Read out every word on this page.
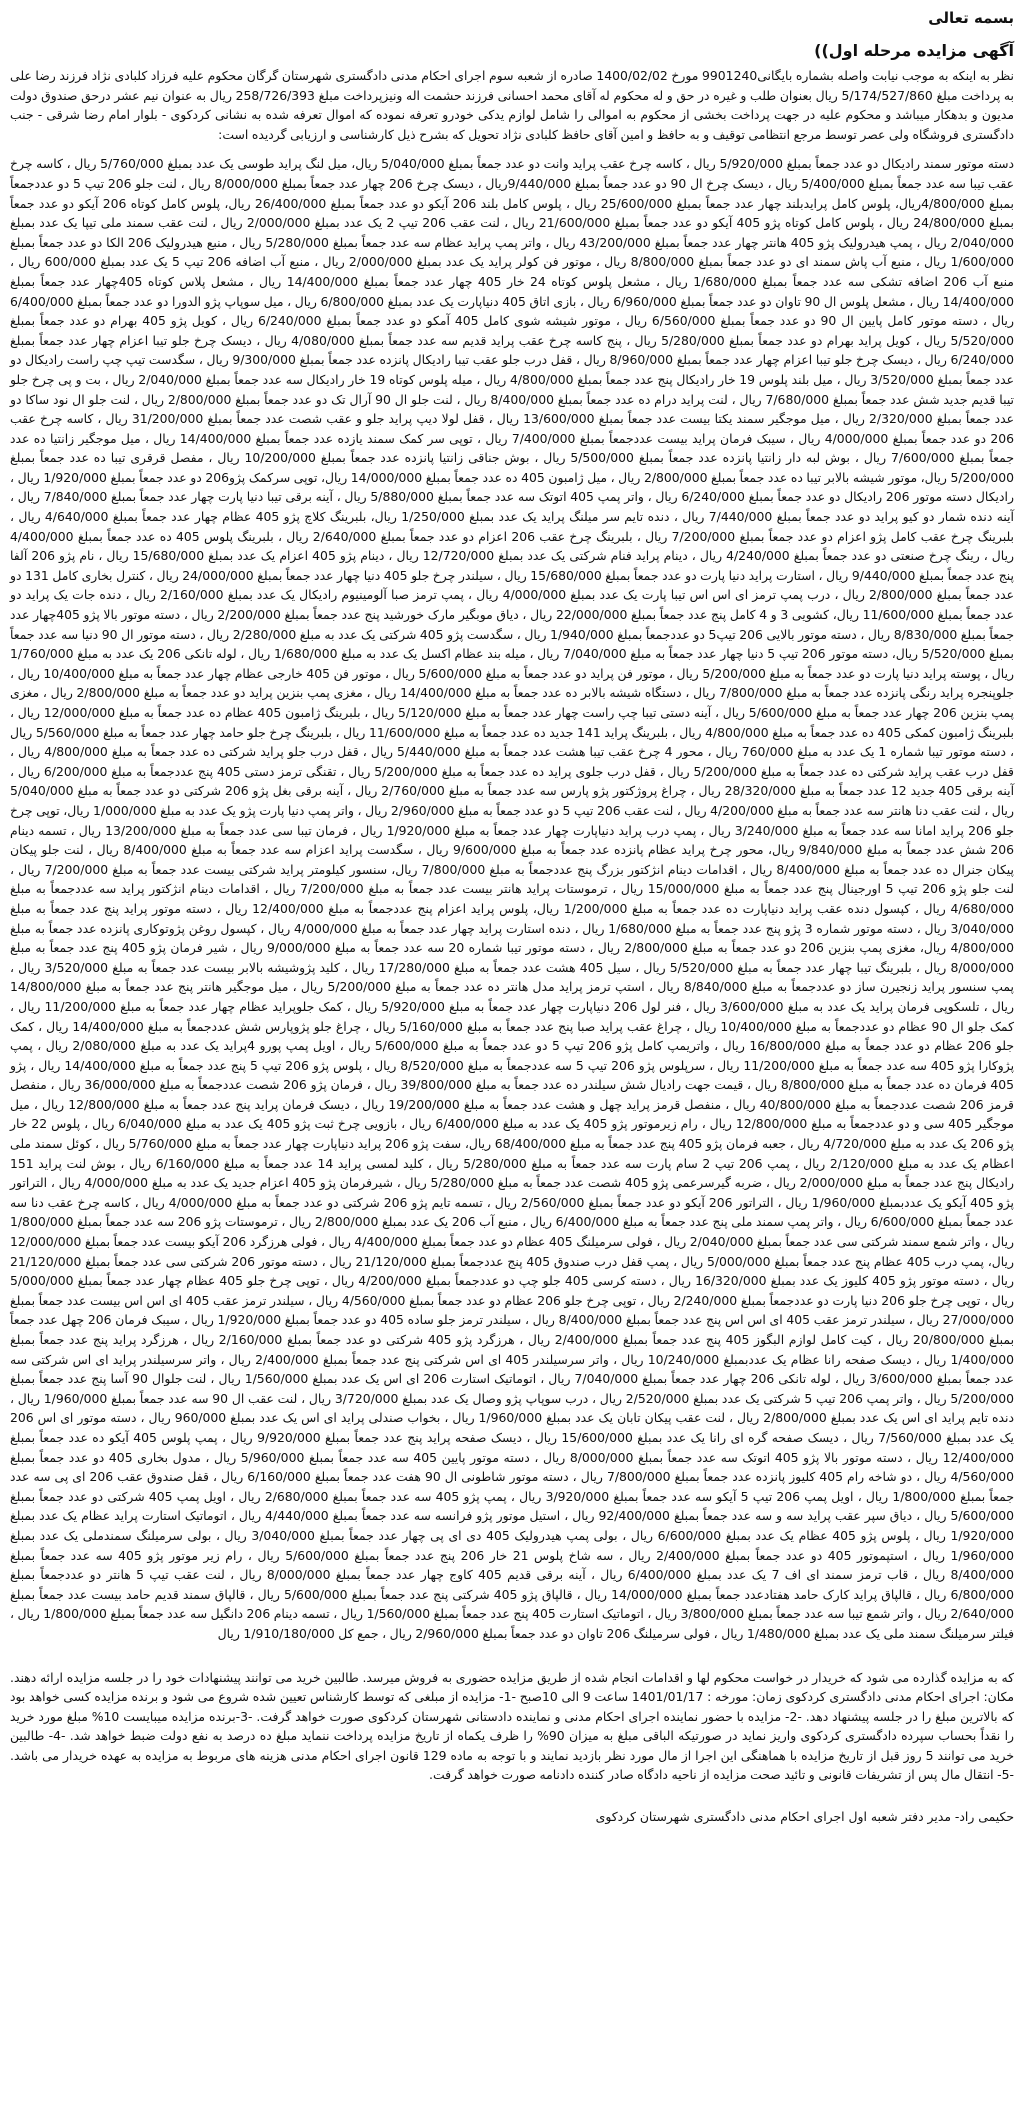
بسمه تعالی

آگهی مزایده مرحله اول))

نظر به اینکه به موجب نیابت واصله بشماره بایگانی9901240 مورخ 1400/02/02 صادره از شعبه سوم اجرای احکام مدنی دادگستری شهرستان گرگان محکوم علیه فرزاد کلبادی نژاد فرزند رضا علی به پرداخت مبلغ 5/174/527/860 ریال بعنوان طلب و غیره در حق و له محکوم له آقای محمد احسانی فرزند حشمت اله ونیزپرداخت مبلغ 258/726/393 ریال به عنوان نیم عشر درحق صندوق دولت مدیون و بدهکار میباشد و محکوم علیه در جهت پرداخت بخشی از محکوم به اموالی را شامل لوازم یدکی خودرو تعرفه نموده که اموال تعرفه شده به نشانی کردکوی - بلوار امام رضا شرقی - جنب دادگستری فروشگاه ولی عصر توسط مرجع انتظامی توقیف و به حافظ و امین آقای حافظ کلبادی نژاد تحویل که بشرح ذیل کارشناسی و ارزیابی گردیده است:

دسته موتور سمند رادیکال دو عدد جمعاً بمبلغ 5/920/000 ریال ، کاسه چرخ عقب پراید وانت دو عدد جمعاً بمبلغ 5/040/000 ریال، میل لنگ پراید طوسی یک عدد بمبلغ 5/760/000 ریال ، کاسه چرخ عقب تیبا سه عدد جمعاً بمبلغ 5/400/000 ریال ، دیسک چرخ ال 90 دو عدد جمعاً بمبلغ 9/440/000ریال ، دیسک چرخ 206 چهار عدد جمعاً بمبلغ 8/000/000 ریال ، لنت جلو 206 تیپ 5 دو عددجمعاً بمبلغ 4/800/000ریال، پلوس کامل پرایدبلند چهار عدد جمعاً بمبلغ 25/600/000 ریال ، پلوس کامل بلند 206 آیکو دو عدد جمعاً بمبلغ 26/400/000 ریال، پلوس کامل کوتاه 206 آیکو دو عدد جمعاً بمبلغ 24/800/000 ریال ، پلوس کامل کوتاه پژو 405 آیکو دو عدد جمعاً بمبلغ 21/600/000 ریال ، لنت عقب 206 تیپ 2 یک عدد بمبلغ 2/000/000 ریال ، لنت عقب سمند ملی تیپا یک عدد بمبلغ 2/040/000 ریال ، پمپ هیدرولیک پژو 405 هانتر چهار عدد جمعاً بمبلغ 43/200/000 ریال ، واتر پمپ پراید عظام سه عدد جمعاً بمبلغ 5/280/000 ریال ، منبع هیدرولیک 206 الکا دو عدد جمعاً بمبلغ 1/600/000 ریال ، منبع آب پاش سمند ای دو عدد جمعاً بمبلغ 8/800/000 ریال ، موتور فن کولر پراید یک عدد بمبلغ 2/000/000 ریال ، منبع آب اضافه 206 تیپ 5 یک عدد بمبلغ 600/000 ریال ، منبع آب 206 اضافه تشکی سه عدد جمعاً بمبلغ 1/680/000 ریال ، مشعل پلوس کوتاه 24 خار 405 چهار عدد جمعاً بمبلغ 14/400/000 ریال ، مشعل پلاس کوتاه 405چهار عدد جمعاً بمبلغ 14/400/000 ریال ، مشعل پلوس ال 90 تاوان دو عدد جمعاً بمبلغ 6/960/000 ریال ، بازی اتاق 405 دنیاپارت یک عدد بمبلغ 6/800/000 ریال ، میل سوپاپ پژو الدورا دو عدد جمعاً بمبلغ 6/400/000 ریال ، دسته موتور کامل پایین ال 90 دو عدد جمعاً بمبلغ 6/560/000 ریال ، موتور شیشه شوی کامل 405 آمکو دو عدد جمعاً بمبلغ 6/240/000 ریال ، کویل پژو 405 بهرام دو عدد جمعاً بمبلغ 5/520/000 ریال ، کویل پراید بهرام دو عدد جمعاً بمبلغ 5/280/000 ریال ، پنج کاسه چرخ عقب پراید قدیم سه عدد جمعاً بمبلغ 4/080/000 ریال ، دیسک چرخ جلو تیبا اعزام چهار عدد جمعاً بمبلغ 6/240/000 ریال ، دیسک چرخ جلو تیبا اعزام چهار عدد جمعاً بمبلغ 8/960/000 ریال ، قفل درب جلو عقب تیبا رادیکال پانزده عدد جمعاً بمبلغ 9/300/000 ریال ، سگدست تیپ چپ راست رادیکال دو عدد جمعاً بمبلغ 3/520/000 ریال ، میل بلند پلوس 19 خار رادیکال پنج عدد جمعاً بمبلغ 4/800/000 ریال ، میله پلوس کوتاه 19 خار رادیکال سه عدد جمعاً بمبلغ 2/040/000 ریال ، بت و پی چرخ جلو تیبا قدیم جدید شش عدد جمعاً بمبلغ 7/680/000 ریال ، لنت پراید درام ده عدد جمعاً بمبلغ 8/400/000 ریال ، لنت جلو ال 90 آرال تک دو عدد جمعاً بمبلغ 2/800/000 ریال ، لنت جلو ال نود ساکا دو عدد جمعاً بمبلغ 2/320/000 ریال ، میل موجگیر سمند یکتا بیست عدد جمعاً بمبلغ 13/600/000 ریال ، قفل لولا دیپ پراید جلو و عقب شصت عدد جمعاً بمبلغ 31/200/000 ریال ، کاسه چرخ عقب 206 دو عدد جمعاً بمبلغ 4/000/000 ریال ، سیبک فرمان پراید بیست عددجمعاً بمبلغ 7/400/000 ریال ، توپی سر کمک سمند یازده عدد جمعاً بمبلغ 14/400/000 ریال ، میل موجگیر زانتیا ده عدد جمعاً بمبلغ 7/600/000 ریال ، بوش لبه دار زانتیا پانزده عدد جمعاً بمبلغ 5/500/000 ریال ، بوش جناقی زانتیا پانزده عدد جمعاً بمبلغ 10/200/000 ریال ، مفصل قرقری تیبا ده عدد جمعاً بمبلغ 5/200/000 ریال، موتور شیشه بالابر تیبا ده عدد جمعاً بمبلغ 2/800/000 ریال ، میل ژامبون 405 ده عدد جمعاً بمبلغ 14/000/000 ریال، توپی سرکمک پژو206 دو عدد جمعاً بمبلغ 1/920/000 ریال ، رادیکال دسته موتور 206 رادیکال دو عدد جمعاً بمبلغ 6/240/000 ریال ، واتر پمپ 405 اتوتک سه عدد جمعاً بمبلغ 5/880/000 ریال ، آینه برقی تیبا دنیا پارت چهار عدد جمعاً بمبلغ 7/840/000 ریال ، آینه دنده شمار دو کیو پراید دو عدد جمعاً بمبلغ 7/440/000 ریال ، دنده تایم سر میلنگ پراید یک عدد بمبلغ 1/250/000 ریال، بلبرینگ کلاچ پژو 405 عظام چهار عدد جمعاً بمبلغ 4/640/000 ریال ، بلبرینگ چرخ عقب کامل پژو اعزام دو عدد جمعاً بمبلغ 7/200/000 ریال ، بلبرینگ چرخ عقب 206 اعزام دو عدد جمعاً بمبلغ 2/640/000 ریال ، بلبرینگ پلوس 405 ده عدد جمعاً بمبلغ 4/400/000 ریال ، رینگ چرخ صنعتی دو عدد جمعاً بمبلغ 4/240/000 ریال ، دینام پراید فنام شرکتی یک عدد بمبلغ 12/720/000 ریال ، دینام پژو 405 اعزام یک عدد بمبلغ 15/680/000 ریال ، نام پژو 206 آلفا پنج عدد جمعاً بمبلغ 9/440/000 ریال ، استارت پراید دنیا پارت دو عدد جمعاً بمبلغ 15/680/000 ریال ، سیلندر چرخ جلو 405 دنیا چهار عدد جمعاً بمبلغ 24/000/000 ریال ، کنترل بخاری کامل 131 دو عدد جمعاً بمبلغ 2/800/000 ریال ، درب پمپ ترمز ای اس اس تیبا پارت یک عدد بمبلغ 4/000/000 ریال ، پمپ ترمز صبا آلومینیوم رادیکال یک عدد بمبلغ 2/160/000 ریال ، دنده جات یک پراید دو عدد جمعاً بمبلغ 11/600/000 ریال، کشویی 3 و 4 کامل پنج عدد جمعاً بمبلغ 22/000/000 ریال ، دیاق موبگیر مارک خورشید پنج عدد جمعاً بمبلغ 2/200/000 ریال ، دسته موتور بالا پژو 405چهار عدد جمعاً بمبلغ 8/830/000 ریال ، دسته موتور بالایی 206 تیپ5 دو عددجمعاً بمبلغ 1/940/000 ریال ، سگدست پژو 405 شرکتی یک عدد به مبلغ 2/280/000 ریال ، دسته موتور ال 90 دنیا سه عدد جمعاً بمبلغ 5/520/000 ریال، دسته موتور 206 تیپ 5 دنیا چهار عدد جمعاً به مبلغ 7/040/000 ریال ، میله بند عظام اکسل یک عدد به مبلغ 1/680/000 ریال ، لوله تانکی 206 یک عدد به مبلغ 1/760/000 ریال ، پوسته پراید دنیا پارت دو عدد جمعاً به مبلغ 5/200/000 ریال ، موتور فن پراید دو عدد جمعاً به مبلغ 5/600/000 ریال ، موتور فن 405 خارجی عظام چهار عدد جمعاً به مبلغ 10/400/000 ریال ، جلوپنجره پراید رنگی پانزده عدد جمعاً به مبلغ 7/800/000 ریال ، دستگاه شیشه بالابر ده عدد جمعاً به مبلغ 14/400/000 ریال ، مغزی پمپ بنزین پراید دو عدد جمعاً به مبلغ 2/800/000 ریال ، مغزی پمپ بنزین 206 چهار عدد جمعاً به مبلغ 5/600/000 ریال ، آینه دستی تیبا چپ راست چهار عدد جمعاً به مبلغ 5/120/000 ریال ، بلبرینگ ژامبون 405 عظام ده عدد جمعاً به مبلغ 12/000/000 ریال ، بلبرینگ ژامبون کمکی 405 ده عدد جمعاً به مبلغ 4/800/000 ریال ، بلبرینگ پراید 141 جدید ده عدد جمعاً به مبلغ 11/600/000 ریال ، بلبرینگ چرخ جلو حامد چهار عدد جمعاً به مبلغ 5/560/000 ریال ، دسته موتور تیبا شماره 1 یک عدد به مبلغ 760/000 ریال ، محور 4 چرخ عقب تیبا هشت عدد جمعاً به مبلغ 5/440/000 ریال ، قفل درب جلو پراید شرکتی ده عدد جمعاً به مبلغ 4/800/000 ریال ، قفل درب عقب پراید شرکتی ده عدد جمعاً به مبلغ 5/200/000 ریال ، قفل درب جلوی پراید ده عدد جمعاً به مبلغ 5/200/000 ریال ، تقنگی ترمز دستی 405 پنج عددجمعاً به مبلغ 6/200/000 ریال ، آینه برقی 405 جدید 12 عدد جمعاً به مبلغ 28/320/000 ریال ، چراغ پروژکتور پژو پارس سه عدد جمعاً به مبلغ 2/760/000 ریال ، آینه برقی بغل پژو 206 شرکتی دو عدد جمعاً به مبلغ 5/040/000 ریال ، لنت عقب دنا هانتر سه عدد جمعاً به مبلغ 4/200/000 ریال ، لنت عقب 206 تیپ 5 دو عدد جمعاً به مبلغ 2/960/000 ریال ، واتر پمپ دنیا پارت پژو یک عدد به مبلغ 1/000/000 ریال، توپی چرخ جلو 206 پراید امانا سه عدد جمعاً به مبلغ 3/240/000 ریال ، پمپ درب پراید دنیاپارت چهار عدد جمعاً به مبلغ 1/920/000 ریال ، فرمان تیبا سی عدد جمعاً به مبلغ 13/200/000 ریال ، تسمه دینام 206 شش عدد جمعاً به مبلغ 9/840/000 ریال، محور چرخ پراید عظام پانزده عدد جمعاً به مبلغ 9/600/000 ریال ، سگدست پراید اعزام سه عدد جمعاً به مبلغ 8/400/000 ریال ، لنت جلو پیکان پیکان جنرال ده عدد جمعاً به مبلغ 8/400/000 ریال ، اقدامات دینام انژکتور بزرگ پنج عددجمعاً به مبلغ 7/800/000 ریال، سنسور کیلومتر پراید شرکتی بیست عدد جمعاً به مبلغ 7/200/000 ریال ، لنت جلو پژو 206 تیپ 5 اورجینال پنج عدد جمعاً به مبلغ 15/000/000 ریال ، ترموستات پراید هانتر بیست عدد جمعاً به مبلغ 7/200/000 ریال ، اقدامات دینام انژکتور پراید سه عددجمعاً به مبلغ 4/680/000 ریال ، کپسول دنده عقب پراید دنیاپارت ده عدد جمعاً به مبلغ 1/200/000 ریال، پلوس پراید اعزام پنج عددجمعاً به مبلغ 12/400/000 ریال ، دسته موتور پراید پنج عدد جمعاً به مبلغ 3/040/000 ریال ، دسته موتور شماره 3 پژو پنج عدد جمعاً به مبلغ 1/680/000 ریال ، دنده استارت پراید چهار عدد جمعاً به مبلغ 4/000/000 ریال ، کپسول روغن پژوتوکاری پانزده عدد جمعاً به مبلغ 4/800/000 ریال، مغزی پمپ بنزین 206 دو عدد جمعاً به مبلغ 2/800/000 ریال ، دسته موتور تیبا شماره 20 سه عدد جمعاً به مبلغ 9/000/000 ریال ، شیر فرمان پژو 405 پنج عدد جمعاً به مبلغ 8/000/000 ریال ، بلبرینگ تیبا چهار عدد جمعاً به مبلغ 5/520/000 ریال ، سیل 405 هشت عدد جمعاً به مبلغ 17/280/000 ریال ، کلید پژوشیشه بالابر بیست عدد جمعاً به مبلغ 3/520/000 ریال ، پمپ سنسور پراید زنجیرن ساز دو عددجمعاً به مبلغ 8/840/000 ریال ، استپ ترمز پراید مدل هانتر ده عدد جمعاً به مبلغ 5/200/000 ریال ، میل موجگیر هانتر پنج عدد جمعاً به مبلغ 14/800/000 ریال ، تلسکوپی فرمان پراید یک عدد به مبلغ 3/600/000 ریال ، فنر لول 206 دنیاپارت چهار عدد جمعاً به مبلغ 5/920/000 ریال ، کمک جلوپراید عظام چهار عدد جمعاً به مبلغ 11/200/000 ریال ، کمک جلو ال 90 عظام دو عددجمعاً به مبلغ 10/400/000 ریال ، چراغ عقب پراید صبا پنج عدد جمعاً به مبلغ 5/160/000 ریال ، چراغ جلو پژوپارس شش عددجمعاً به مبلغ 14/400/000 ریال ، کمک جلو 206 عظام دو عدد جمعاً به مبلغ 16/800/000 ریال ، واتریمپ کامل پژو 206 تیپ 5 دو عدد جمعاً به مبلغ 5/600/000 ریال ، اویل پمپ پورو 4پراید یک عدد به مبلغ 2/080/000 ریال ، پمپ پژوکارا پژو 405 سه عدد جمعاً به مبلغ 11/200/000 ریال ، سرپلوس پژو 206 تیپ 5 سه عددجمعاً به مبلغ 8/520/000 ریال ، پلوس پژو 206 تیپ 5 پنج عدد جمعاً به مبلغ 14/400/000 ریال ، پژو 405 فرمان ده عدد جمعاً به مبلغ 8/800/000 ریال ، قیمت جهت رادیال شش سیلندر ده عدد جمعاً به مبلغ 39/800/000 ریال ، فرمان پژو 206 شصت عددجمعاً به مبلغ 36/000/000 ریال ، منفصل قرمز 206 شصت عددجمعاً به مبلغ 40/800/000 ریال ، منفصل قرمز پراید چهل و هشت عدد جمعاً به مبلغ 19/200/000 ریال ، دیسک فرمان پراید پنج عدد جمعاً به مبلغ 12/800/000 ریال ، میل موجگیر 405 سی و دو عددجمعاً به مبلغ 12/800/000 ریال ، رام زیرموتور پژو 405 یک عدد به مبلغ 6/400/000 ریال ، بازویی چرخ ثبت پژو 405 یک عدد به مبلغ 6/040/000 ریال ، پلوس 22 خار پژو 206 یک عدد به مبلغ 4/720/000 ریال ، جعبه فرمان پژو 405 پنج عدد جمعاً به مبلغ 68/400/000 ریال، سفت پژو 206 پراید دنیاپارت چهار عدد جمعاً به مبلغ 5/760/000 ریال ، کوئل سمند ملی اعظام یک عدد به مبلغ 2/120/000 ریال ، پمپ 206 تیپ 2 سام پارت سه عدد جمعاً به مبلغ 5/280/000 ریال ، کلید لمسی پراید 14 عدد جمعاً به مبلغ 6/160/000 ریال ، بوش لنت پراید 151 رادیکال پنج عدد جمعاً به مبلغ 2/000/000 ریال ، ضربه گیرسرعمی پژو 405 شصت عدد جمعاً به مبلغ 5/280/000 ریال ، شیرفرمان پژو 405 اعزام جدید یک عدد به مبلغ 4/000/000 ریال ، التراتور پژو 405 آیکو یک عددبمبلغ 1/960/000 ریال ، التراتور 206 آیکو دو عدد جمعاً بمبلغ 2/560/000 ریال ، تسمه تایم پژو 206 شرکتی دو عدد جمعاً به مبلغ 4/000/000 ریال ، کاسه چرخ عقب دنا سه عدد جمعاً بمبلغ 6/600/000 ریال ، واتر پمپ سمند ملی پنج عدد جمعاً به مبلغ 6/400/000 ریال ، منبع آب 206 یک عدد بمبلغ 2/800/000 ریال ، ترموستات پژو 206 سه عدد جمعاً بمبلغ 1/800/000 ریال ، واتر شمع سمند شرکتی سی عدد جمعاً بمبلغ 2/040/000 ریال ، فولی سرمیلنگ 405 عظام دو عدد جمعاً بمبلغ 4/400/000 ریال ، فولی هرزگرد 206 آیکو بیست عدد جمعاً بمبلغ 12/000/000 ریال، پمپ درب 405 عظام پنج عدد جمعاً بمبلغ 5/000/000 ریال ، پمپ قفل درب صندوق 405 پنج عددجمعاً بمبلغ 21/120/000 ریال ، دسته موتور 206 شرکتی سی عدد جمعاً بمبلغ 21/120/000 ریال ، دسته موتور پژو 405 کلیوز یک عدد بمبلغ 16/320/000 ریال ، دسته کرسی 405 جلو چپ دو عددجمعاً بمبلغ 4/200/000 ریال ، توپی چرخ جلو 405 عظام چهار عدد جمعاً بمبلغ 5/000/000 ریال ، توپی چرخ جلو 206 دنیا پارت دو عددجمعاً بمبلغ 2/240/000 ریال ، توپی چرخ جلو 206 عظام دو عدد جمعاً بمبلغ 4/560/000 ریال ، سیلندر ترمز عقب 405 ای اس اس بیست عدد جمعاً بمبلغ 27/000/000 ریال ، سیلندر ترمز عقب 405 ای اس اس پنج عدد جمعاً بمبلغ 8/400/000 ریال ، سیلندر ترمز جلو ساده 405 دو عدد جمعاً بمبلغ 1/920/000 ریال ، سیبک فرمان 206 چهل عدد جمعاً بمبلغ 20/800/000 ریال ، کیت کامل لوازم البگوز 405 پنج عدد جمعاً بمبلغ 2/400/000 ریال ، هرزگرد پژو 405 شرکتی دو عدد جمعاً بمبلغ 2/160/000 ریال ، هرزگرد پراید پنج عدد جمعاً بمبلغ 1/400/000 ریال ، دیسک صفحه رانا عظام یک عددبمبلغ 10/240/000 ریال ، واتر سرسیلندر 405 ای اس شرکتی پنج عدد جمعاً بمبلغ 2/400/000 ریال ، واتر سرسیلندر پراید ای اس شرکتی سه عدد جمعاً بمبلغ 3/600/000 ریال ، لوله تانکی 206 چهار عدد جمعاً بمبلغ 7/040/000 ریال ، اتوماتیک استارت 206 ای اس یک عدد بمبلغ 1/560/000 ریال ، لنت جلوال 90 آسا پنج عدد جمعاً بمبلغ 5/200/000 ریال ، واتر پمپ 206 تیپ 5 شرکتی یک عدد بمبلغ 2/520/000 ریال ، درب سوپاپ پژو وصال یک عدد بمبلغ 3/720/000 ریال ، لنت عقب ال 90 سه عدد جمعاً بمبلغ 1/960/000 ریال ، دنده تایم پراید ای اس یک عدد بمبلغ 2/800/000 ریال ، لنت عقب پیکان تابان یک عدد بمبلغ 1/960/000 ریال ، بخواب صندلی پراید ای اس یک عدد بمبلغ 960/000 ریال ، دسته موتور ای اس 206 یک عدد بمبلغ 7/560/000 ریال ، دیسک صفحه گره ای رانا یک عدد بمبلغ 15/600/000 ریال ، دیسک صفحه پراید پنج عدد جمعاً بمبلغ 9/920/000 ریال ، پمپ پلوس 405 آیکو ده عدد جمعاً بمبلغ 12/400/000 ریال ، دسته موتور بالا پژو 405 اتوتک سه عدد جمعاً بمبلغ 8/000/000 ریال ، دسته موتور پایین 405 سه عدد جمعاً بمبلغ 5/960/000 ریال ، مدول بخاری 405 دو عدد جمعاً بمبلغ 4/560/000 ریال ، دو شاخه رام 405 کلیوز پانزده عدد جمعاً بمبلغ 7/800/000 ریال ، دسته موتور شاطونی ال 90 هفت عدد جمعاً بمبلغ 6/160/000 ریال ، قفل صندوق عقب 206 ای پی سه عدد جمعاً بمبلغ 1/800/000 ریال ، اویل پمپ 206 تیپ 5 آیکو سه عدد جمعاً بمبلغ 3/920/000 ریال ، پمپ پژو 405 سه عدد جمعاً بمبلغ 2/680/000 ریال ، اویل پمپ 405 شرکتی دو عدد جمعاً بمبلغ 5/600/000 ریال ، دیاق سپر عقب پراید سه و سه عدد جمعاً بمبلغ 92/400/000 ریال ، استیل موتور پژو فرانسه سه عدد جمعاً بمبلغ 4/440/000 ریال ، اتوماتیک استارت پراید عظام یک عدد بمبلغ 1/920/000 ریال ، پلوس پژو 405 عظام یک عدد بمبلغ 6/600/000 ریال ، بولی پمپ هیدرولیک 405 دی ای پی چهار عدد جمعاً بمبلغ 3/040/000 ریال ، بولی سرمیلنگ سمندملی یک عدد بمبلغ 1/960/000 ریال ، استپموتور 405 دو عدد جمعاً بمبلغ 2/400/000 ریال ، سه شاخ پلوس 21 خار 206 پنج عدد جمعاً بمبلغ 5/600/000 ریال ، رام زیر موتور پژو 405 سه عدد جمعاً بمبلغ 8/400/000 ریال ، قاب ترمز سمند ای اف 7 یک عدد بمبلغ 6/400/000 ریال ، آینه برقی قدیم 405 کاوج چهار عدد جمعاً بمبلغ 8/000/000 ریال ، لنت عقب تیپ 5 هانتر دو عددجمعاً بمبلغ 6/800/000 ریال ، قالپاق پراید کارک حامد هفتادعدد جمعاً بمبلغ 14/000/000 ریال ، قالپاق پژو 405 شرکتی پنج عدد جمعاً بمبلغ 5/600/000 ریال ، قالپاق سمند قدیم حامد بیست عدد جمعاً بمبلغ 2/640/000 ریال ، واتر شمع تیبا سه عدد جمعاً بمبلغ 3/800/000 ریال ، اتوماتیک استارت 405 پنج عدد جمعاً بمبلغ 1/560/000 ریال ، تسمه دینام 206 دانگیل سه عدد جمعاً بمبلغ 1/800/000 ریال ، فیلتر سرمیلنگ سمند ملی یک عدد بمبلغ 1/480/000 ریال ، فولی سرمیلنگ 206 تاوان دو عدد جمعاً بمبلغ 2/960/000 ریال ، جمع کل 1/910/180/000 ریال

که به مزایده گذارده می شود که خریدار در خواست محکوم لها و اقدامات انجام شده از طریق مزایده حضوری به فروش میرسد. طالبین خرید می توانند پیشنهادات خود را در جلسه مزایده ارائه دهند. مکان: اجرای احکام مدنی دادگستری کردکوی زمان: مورخه : 1401/01/17 ساعت 9 الی 10صبح -1- مزایده از مبلغی که توسط کارشناس تعیین شده شروع می شود و برنده مزایده کسی خواهد بود که بالاترین مبلغ را در جلسه پیشنهاد دهد. -2- مزایده با حضور نماینده اجرای احکام مدنی و نماینده دادستانی شهرستان کردکوی صورت خواهد گرفت. -3-برنده مزایده میبایست 10% مبلغ مورد خرید را نقداً بحساب سپرده دادگستری کردکوی واریز نماید در صورتیکه الباقی مبلغ به میزان 90% را ظرف یکماه از تاریخ مزایده پرداخت ننماید مبلغ ده درصد به نفع دولت ضبط خواهد شد. -4- طالبین خرید می توانند 5 روز قبل از تاریخ مزایده با هماهنگی این اجرا از مال مورد نظر بازدید نمایند و با توجه به ماده 129 قانون اجرای احکام مدنی هزینه های مربوط به مزایده به عهده خریدار می باشد. -5- انتقال مال پس از تشریفات قانونی و تائید صحت مزایده از ناحیه دادگاه صادر کننده دادنامه صورت خواهد گرفت.

حکیمی راد- مدیر دفتر شعبه اول اجرای احکام مدنی دادگستری شهرستان کردکوی
